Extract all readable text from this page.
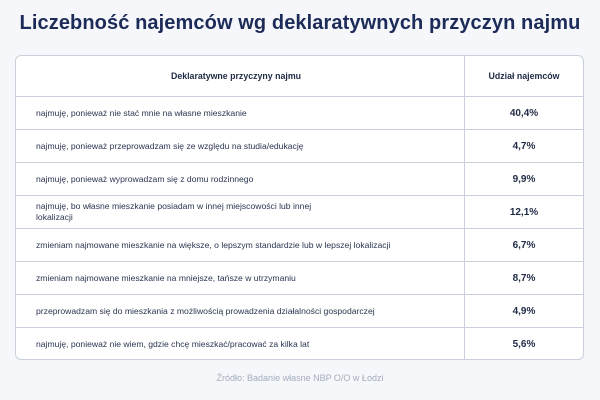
Liczebność najemców wg deklaratywnych przyczyn najmu
Deklaratywne przyczyny najmu	Udział najemców
najmuję, ponieważ nie stać mnie na własne mieszkanie	40,4%
najmuję, ponieważ przeprowadzam się ze względu na studia/edukację	4,7%
najmuję, ponieważ wyprowadzam się z domu rodzinnego	9,9%
najmuję, bo własne mieszkanie posiadam w innej miejscowości lub innej lokalizacji	12,1%
zmieniam najmowane mieszkanie na większe, o lepszym standardzie lub w lepszej lokalizacji	6,7%
zmieniam najmowane mieszkanie na mniejsze, tańsze w utrzymaniu	8,7%
przeprowadzam się do mieszkania z możliwością prowadzenia działalności gospodarczej	4,9%
najmuję, ponieważ nie wiem, gdzie chcę mieszkać/pracować za kilka lat	5,6%
Źródło: Badanie własne NBP O/O w Łodzi
